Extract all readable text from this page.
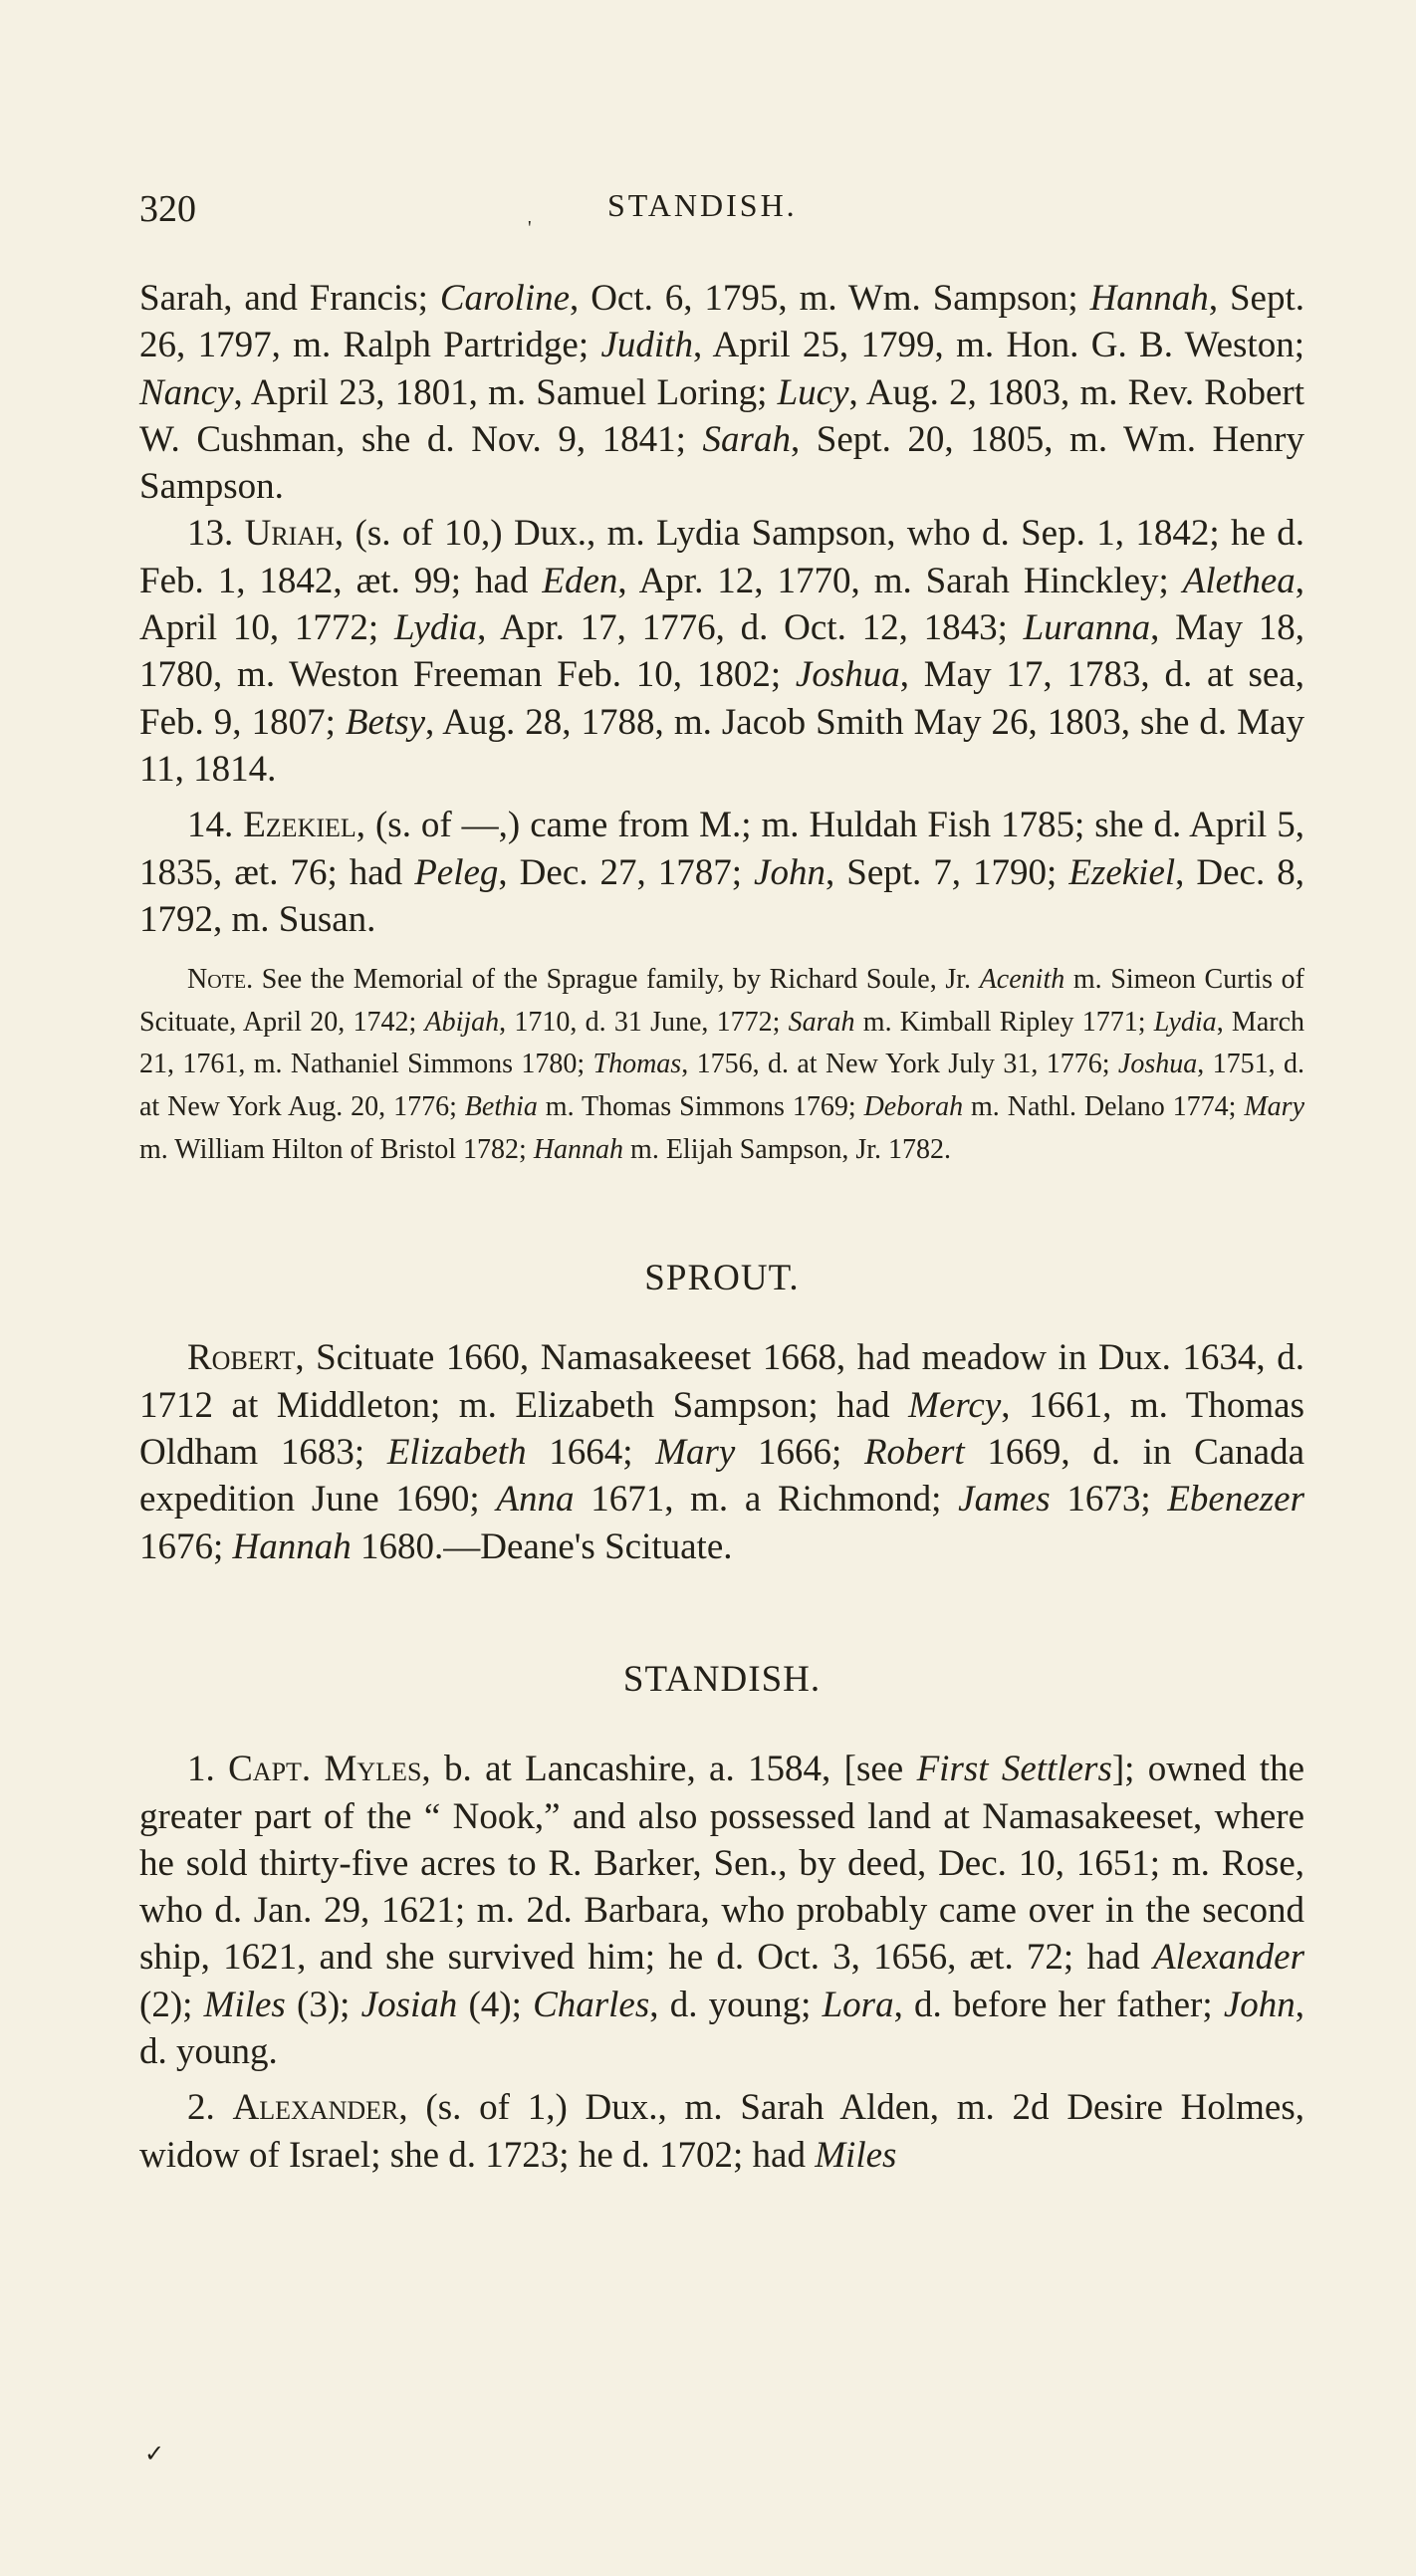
320	'
STANDISH.

Sarah, and Francis; Caroline, Oct. 6, 1795, m. Wm. Sampson; Hannah, Sept. 26, 1797, m. Ralph Partridge; Judith, April 25, 1799, m. Hon. G. B. Weston; Nancy, April 23, 1801, m. Samuel Loring; Lucy, Aug. 2, 1803, m. Rev. Robert W. Cushman, she d. Nov. 9, 1841; Sarah, Sept. 20, 1805, m. Wm. Henry Sampson.

13. Uriah, (s. of 10,) Dux., m. Lydia Sampson, who d. Sep. 1, 1842; he d. Feb. 1, 1842, æt. 99; had Eden, Apr. 12, 1770, m. Sarah Hinckley; Alethea, April 10, 1772; Lydia, Apr. 17, 1776, d. Oct. 12, 1843; Luranna, May 18, 1780, m. Weston Freeman Feb. 10, 1802; Joshua, May 17, 1783, d. at sea, Feb. 9, 1807; Betsy, Aug. 28, 1788, m. Jacob Smith May 26, 1803, she d. May 11, 1814.

14. Ezekiel, (s. of —,) came from M.; m. Huldah Fish 1785; she d. April 5, 1835, æt. 76; had Peleg, Dec. 27, 1787; John, Sept. 7, 1790; Ezekiel, Dec. 8, 1792, m. Susan.

Note. See the Memorial of the Sprague family, by Richard Soule, Jr. Acenith m. Simeon Curtis of Scituate, April 20, 1742; Abijah, 1710, d. 31 June, 1772; Sarah m. Kimball Ripley 1771; Lydia, March 21, 1761, m. Nathaniel Simmons 1780; Thomas, 1756, d. at New York July 31, 1776; Joshua, 1751, d. at New York Aug. 20, 1776; Bethia m. Thomas Simmons 1769; Deborah m. Nathl. Delano 1774; Mary m. William Hilton of Bristol 1782; Hannah m. Elijah Sampson, Jr. 1782.

SPROUT.

Robert, Scituate 1660, Namasakeeset 1668, had meadow in Dux. 1634, d. 1712 at Middleton; m. Elizabeth Sampson; had Mercy, 1661, m. Thomas Oldham 1683; Elizabeth 1664; Mary 1666; Robert 1669, d. in Canada expedition June 1690; Anna 1671, m. a Richmond; James 1673; Ebenezer 1676; Hannah 1680.—Deane's Scituate.

STANDISH.

1. Capt. Myles, b. at Lancashire, a. 1584, [see First Settlers]; owned the greater part of the “ Nook,” and also possessed land at Namasakeeset, where he sold thirty-five acres to R. Barker, Sen., by deed, Dec. 10, 1651; m. Rose, who d. Jan. 29, 1621; m. 2d. Barbara, who probably came over in the second ship, 1621, and she survived him; he d. Oct. 3, 1656, æt. 72; had Alexander (2); Miles (3); Josiah (4); Charles, d. young; Lora, d. before her father; John, d. young.

2. Alexander, (s. of 1,) Dux., m. Sarah Alden, m. 2d Desire Holmes, widow of Israel; she d. 1723; he d. 1702; had Miles

✓
